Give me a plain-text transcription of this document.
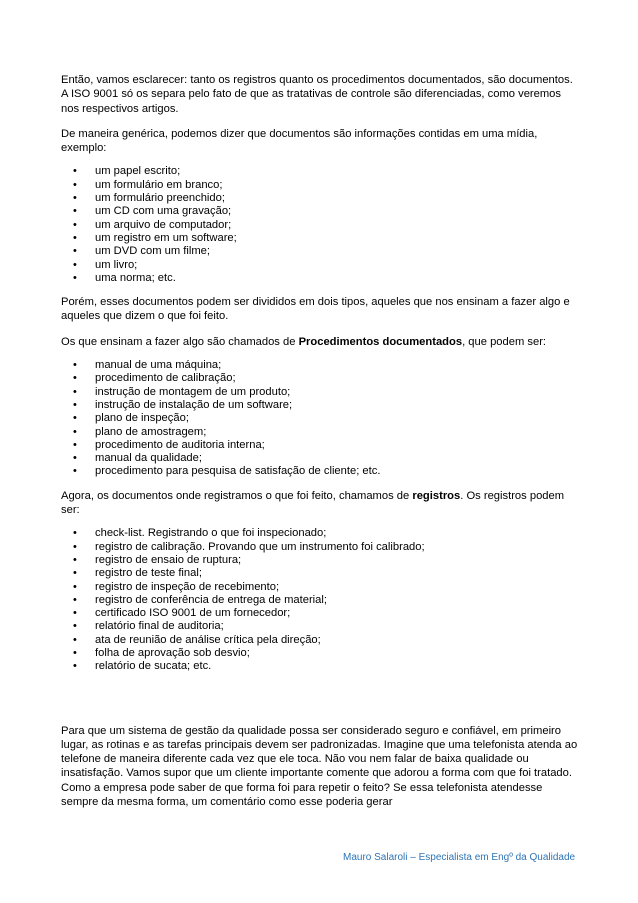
Então, vamos esclarecer: tanto os registros quanto os procedimentos documentados, são documentos. A ISO 9001 só os separa pelo fato de que as tratativas de controle são diferenciadas, como veremos nos respectivos artigos.

De maneira genérica, podemos dizer que documentos são informações contidas em uma mídia, exemplo:

• um papel escrito;
• um formulário em branco;
• um formulário preenchido;
• um CD com uma gravação;
• um arquivo de computador;
• um registro em um software;
• um DVD com um filme;
• um livro;
• uma norma; etc.

Porém, esses documentos podem ser divididos em dois tipos, aqueles que nos ensinam a fazer algo e aqueles que dizem o que foi feito.

Os que ensinam a fazer algo são chamados de Procedimentos documentados, que podem ser:

• manual de uma máquina;
• procedimento de calibração;
• instrução de montagem de um produto;
• instrução de instalação de um software;
• plano de inspeção;
• plano de amostragem;
• procedimento de auditoria interna;
• manual da qualidade;
• procedimento para pesquisa de satisfação de cliente; etc.

Agora, os documentos onde registramos o que foi feito, chamamos de registros. Os registros podem ser:

• check-list. Registrando o que foi inspecionado;
• registro de calibração. Provando que um instrumento foi calibrado;
• registro de ensaio de ruptura;
• registro de teste final;
• registro de inspeção de recebimento;
• registro de conferência de entrega de material;
• certificado ISO 9001 de um fornecedor;
• relatório final de auditoria;
• ata de reunião de análise crítica pela direção;
• folha de aprovação sob desvio;
• relatório de sucata; etc.

Para que um sistema de gestão da qualidade possa ser considerado seguro e confiável, em primeiro lugar, as rotinas e as tarefas principais devem ser padronizadas. Imagine que uma telefonista atenda ao telefone de maneira diferente cada vez que ele toca. Não vou nem falar de baixa qualidade ou insatisfação. Vamos supor que um cliente importante comente que adorou a forma com que foi tratado. Como a empresa pode saber de que forma foi para repetir o feito? Se essa telefonista atendesse sempre da mesma forma, um comentário como esse poderia gerar

Mauro Salaroli – Especialista em Engº da Qualidade
